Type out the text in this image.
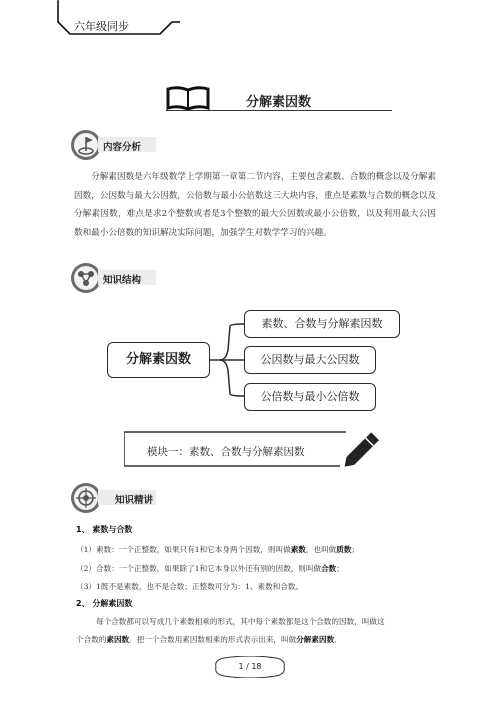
六年级同步
分解素因数
内容分析

分解素因数是六年级数学上学期第一章第二节内容，主要包含素数、合数的概念以及分解素因数，公因数与最大公因数，公倍数与最小公倍数这三大块内容，重点是素数与合数的概念以及分解素因数，难点是求2个整数或者是3个整数的最大公因数或最小公倍数，以及利用最大公因数和最小公倍数的知识解决实际问题，加强学生对数学学习的兴趣。

知识结构
分解素因数
素数、合数与分解素因数
公因数与最大公因数
公倍数与最小公倍数
模块一：素数、合数与分解素因数
知识精讲
1、 素数与合数
（1）素数：一个正整数，如果只有1和它本身两个因数，则叫做素数，也叫做质数；
（2）合数：一个正整数，如果除了1和它本身以外还有别的因数，则叫做合数；
（3）1既不是素数，也不是合数；正整数可分为：1、素数和合数。
2、 分解素因数
每个合数都可以写成几个素数相乘的形式，其中每个素数都是这个合数的因数，叫做这
个合数的素因数．把一个合数用素因数相乘的形式表示出来，叫做分解素因数．
1 / 18
